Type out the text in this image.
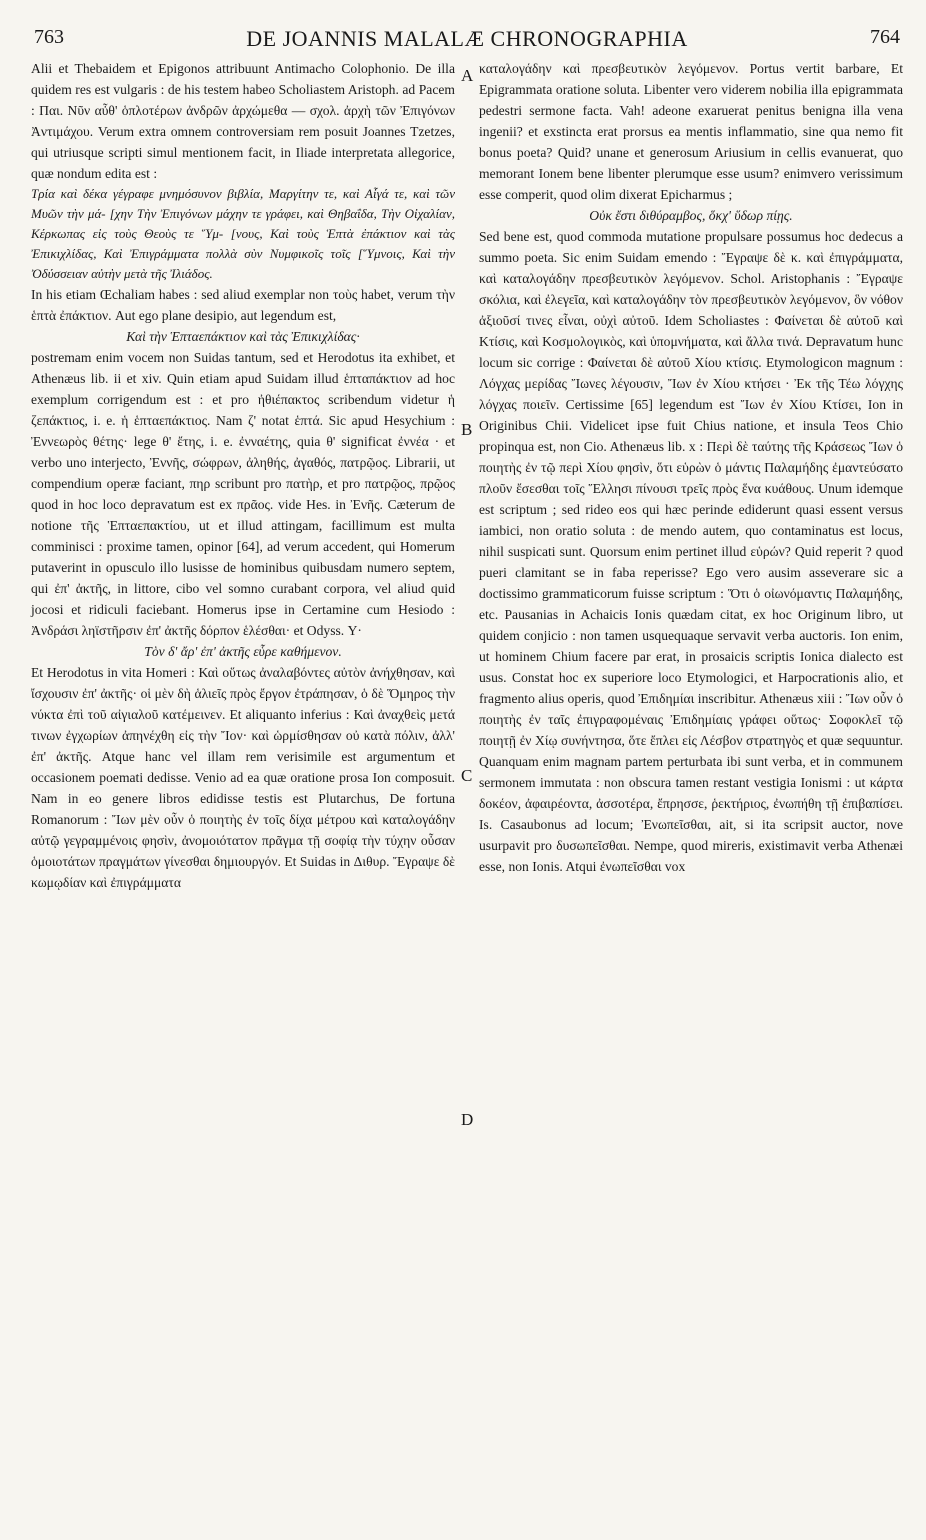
763	DE JOANNIS MALALÆ CHRONOGRAPHIA	764

Alii et Thebaidem et Epigonos attribuunt Antimacho Colophonio. De illa quidem res est vulgaris : de his testem habeo Scholiastem Aristoph. ad Pacem : Παι. Νῦν αὖθ' ὁπλοτέρων ἀνδρῶν ἀρχώμεθα — σχολ. ἀρχὴ τῶν Ἐπιγόνων Ἀντιμάχου. Verum extra omnem controversiam rem posuit Joannes Tzetzes, qui utriusque scripti simul mentionem facit, in Iliade interpretata allegorice, quæ nondum edita est :

Τρία καὶ δέκα γέγραφε μνημόσυνον βιβλία, Μαργίτην τε, καὶ Αἶγά τε, καὶ τῶν Μυῶν τὴν μά- [χην Τὴν Ἐπιγόνων μάχην τε γράφει, καὶ Θηβαΐδα, Τὴν Οἰχαλίαν, Κέρκωπας εἰς τοὺς Θεοὺς τε Ὕμ- [νους, Καὶ τοὺς Ἑπτὰ ἐπάκτιον καὶ τὰς Ἐπικιχλίδας, Καὶ Ἐπιγράμματα πολλὰ σὺν Νυμφικοῖς τοῖς [Ὕμνοις, Καὶ τὴν Ὀδύσσειαν αὐτὴν μετὰ τῆς Ἰλιάδος.

In his etiam Œchaliam habes : sed aliud exemplar non τοὺς habet, verum τὴν ἑπτὰ ἐπάκτιον. Aut ego plane desipio, aut legendum est,

Καὶ τὴν Ἑπταεπάκτιον καὶ τὰς Ἐπικιχλίδας·

postremam enim vocem non Suidas tantum, sed et Herodotus ita exhibet, et Athenæus lib. ii et xiv. Quin etiam apud Suidam illud ἑπταπάκτιον ad hoc exemplum corrigendum est : et pro ἠθιέπακτος scribendum videtur ἡ ζεπάκτιος, i. e. ἡ ἑπταεπάκτιος. Nam ζ' notat ἑπτά. Sic apud Hesychium : Ἐννεωρὸς θέτης· lege θ' ἔτης, i. e. ἐνναέτης, quia θ' significat ἐννέα · et verbo uno interjecto, Ἐννῆς, σώφρων, ἀληθής, ἀγαθός, πατρῷος. Librarii, ut compendium operæ faciant, πηρ scribunt pro πατὴρ, et pro πατρῷος, πρῷος quod in hoc loco depravatum est ex πρᾶος. vide Hes. in Ἐνῆς. Cæterum de notione τῆς Ἑπταεπακτίου, ut et illud attingam, facillimum est multa comminisci : proxime tamen, opinor [64], ad verum accedent, qui Homerum putaverint in opusculo illo lusisse de hominibus quibusdam numero septem, qui ἐπ' ἀκτῆς, in littore, cibo vel somno curabant corpora, vel aliud quid jocosi et ridiculi faciebant. Homerus ipse in Certamine cum Hesiodo : Ἀνδράσι ληϊστῆρσιν ἐπ' ἀκτῆς δόρπον ἑλέσθαι· et Odyss. Υ·

Τὸν δ' ἄρ' ἐπ' ἀκτῆς εὗρε καθήμενον.

Et Herodotus in vita Homeri : Καὶ οὕτως ἀναλαβόντες αὐτὸν ἀνήχθησαν, καὶ ἴσχουσιν ἐπ' ἀκτῆς· οἱ μὲν δὴ ἁλιεῖς πρὸς ἔργον ἐτράπησαν, ὁ δὲ Ὅμηρος τὴν νύκτα ἐπὶ τοῦ αἰγιαλοῦ κατέμεινεν. Et aliquanto inferius : Καὶ ἀναχθεὶς μετά τινων ἐγχωρίων ἀπηνέχθη εἰς τὴν Ἴον· καὶ ὡρμίσθησαν οὐ κατὰ πόλιν, ἀλλ' ἐπ' ἀκτῆς. Atque hanc vel illam rem verisimile est argumentum et occasionem poemati dedisse. Venio ad ea quæ oratione prosa Ion composuit. Nam in eo genere libros edidisse testis est Plutarchus, De fortuna Romanorum : Ἴων μὲν οὖν ὁ ποιητὴς ἐν τοῖς δίχα μέτρου καὶ καταλογάδην αὐτῷ γεγραμμένοις φησὶν, ἀνομοιότατον πρᾶγμα τῇ σοφίᾳ τὴν τύχην οὖσαν ὁμοιοτάτων πραγμάτων γίνεσθαι δημιουργόν. Et Suidas in Διθυρ. Ἔγραψε δὲ κωμῳδίαν καὶ ἐπιγράμματα

A
B
C
D

καταλογάδην καὶ πρεσβευτικὸν λεγόμενον. Portus vertit barbare, Et Epigrammata oratione soluta. Libenter vero viderem nobilia illa epigrammata pedestri sermone facta. Vah! adeone exaruerat penitus benigna illa vena ingenii? et exstincta erat prorsus ea mentis inflammatio, sine qua nemo fit bonus poeta? Quid? unane et generosum Ariusium in cellis evanuerat, quo memorant Ionem bene libenter plerumque esse usum? enimvero verissimum esse comperit, quod olim dixerat Epicharmus ;

Οὐκ ἔστι διθύραμβος, ὅκχ' ὕδωρ πίῃς.

Sed bene est, quod commoda mutatione propulsare possumus hoc dedecus a summo poeta. Sic enim Suidam emendo : Ἔγραψε δὲ κ. καὶ ἐπιγράμματα, καὶ καταλογάδην πρεσβευτικὸν λεγόμενον. Schol. Aristophanis : Ἔγραψε σκόλια, καὶ ἐλεγεῖα, καὶ καταλογάδην τὸν πρεσβευτικὸν λεγόμενον, ὃν νόθον ἀξιοῦσί τινες εἶναι, οὐχὶ αὐτοῦ. Idem Scholiastes : Φαίνεται δὲ αὐτοῦ καὶ Κτίσις, καὶ Κοσμολογικὸς, καὶ ὑπομνήματα, καὶ ἄλλα τινά. Depravatum hunc locum sic corrige : Φαίνεται δὲ αὐτοῦ Χίου κτίσις. Etymologicon magnum : Λόγχας μερίδας Ἴωνες λέγουσιν, Ἴων ἐν Χίου κτήσει · Ἐκ τῆς Τέω λόγχης λόγχας ποιεῖν. Certissime [65] legendum est Ἴων ἐν Χίου Κτίσει, Ion in Originibus Chii. Videlicet ipse fuit Chius natione, et insula Teos Chio propinqua est, non Cio. Athenæus lib. x : Περὶ δὲ ταύτης τῆς Κράσεως Ἴων ὁ ποιητὴς ἐν τῷ περὶ Χίου φησὶν, ὅτι εὑρὼν ὁ μάντις Παλαμήδης ἐμαντεύσατο πλοῦν ἔσεσθαι τοῖς Ἕλλησι πίνουσι τρεῖς πρὸς ἕνα κυάθους. Unum idemque est scriptum ; sed rideo eos qui hæc perinde ediderunt quasi essent versus iambici, non oratio soluta : de mendo autem, quo contaminatus est locus, nihil suspicati sunt. Quorsum enim pertinet illud εὑρών? Quid reperit ? quod pueri clamitant se in faba reperisse? Ego vero ausim asseverare sic a doctissimo grammaticorum fuisse scriptum : Ὅτι ὁ οἰωνόμαντις Παλαμήδης, etc. Pausanias in Achaicis Ionis quædam citat, ex hoc Originum libro, ut quidem conjicio : non tamen usquequaque servavit verba auctoris. Ion enim, ut hominem Chium facere par erat, in prosaicis scriptis Ionica dialecto est usus. Constat hoc ex superiore loco Etymologici, et Harpocrationis alio, et fragmento alius operis, quod Ἐπιδημίαι inscribitur. Athenæus xiii : Ἴων οὖν ὁ ποιητὴς ἐν ταῖς ἐπιγραφομέναις Ἐπιδημίαις γράφει οὕτως· Σοφοκλεῖ τῷ ποιητῇ ἐν Χίῳ συνήντησα, ὅτε ἔπλει εἰς Λέσβον στρατηγὸς et quæ sequuntur. Quanquam enim magnam partem perturbata ibi sunt verba, et in communem sermonem immutata : non obscura tamen restant vestigia Ionismi : ut κάρτα δοκέον, ἀφαιρέοντα, ἀσσοτέρα, ἔπρησσε, ῥεκτήριος, ἐνωπήθη τῇ ἐπιβαπίσει. Is. Casaubonus ad locum; Ἐνωπεῖσθαι, ait, si ita scripsit auctor, nove usurpavit pro δυσωπεῖσθαι. Nempe, quod mireris, existimavit verba Athenæi esse, non Ionis. Atqui ἐνωπεῖσθαι vox
